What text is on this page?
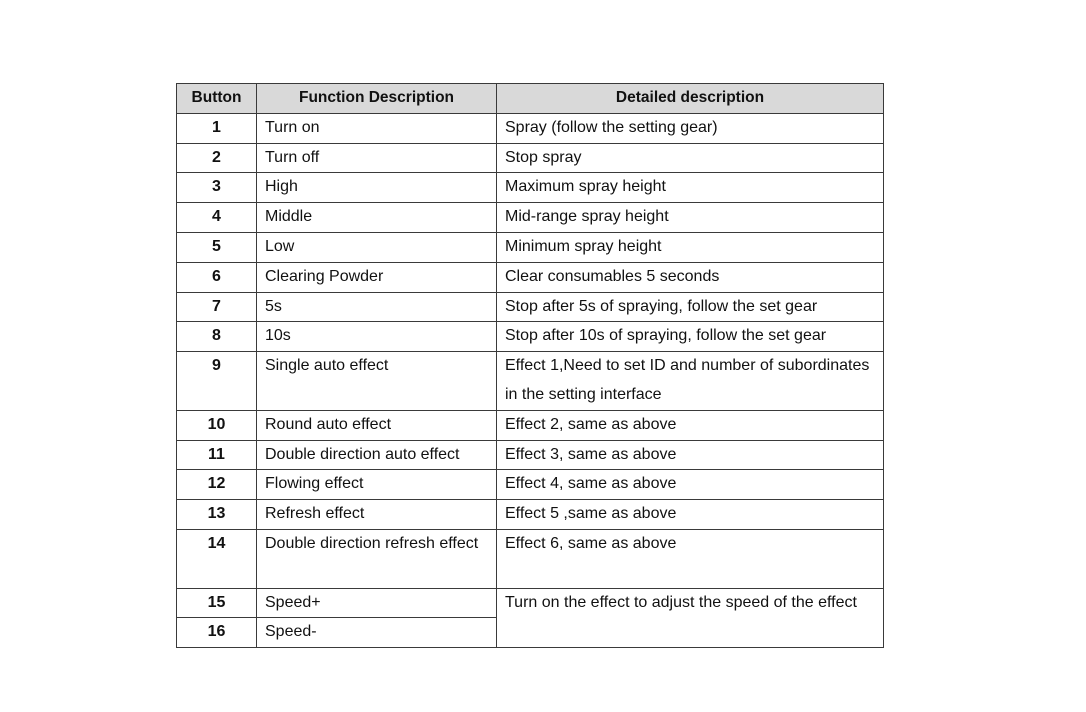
Button	Function Description	Detailed description
1	Turn on	Spray (follow the setting gear)
2	Turn off	Stop spray
3	High	Maximum spray height
4	Middle	Mid-range spray height
5	Low	Minimum spray height
6	Clearing Powder	Clear consumables 5 seconds
7	5s	Stop after 5s of spraying, follow the set gear
8	10s	Stop after 10s of spraying, follow the set gear
9	Single auto effect	Effect 1,Need to set ID and number of subordinates in the setting interface
10	Round auto effect	Effect 2, same as above
11	Double direction auto effect	Effect 3, same as above
12	Flowing effect	Effect 4, same as above
13	Refresh effect	Effect 5 ,same as above
14	Double direction refresh effect	Effect 6, same as above
15	Speed+	Turn on the effect to adjust the speed of the effect
16	Speed-	
